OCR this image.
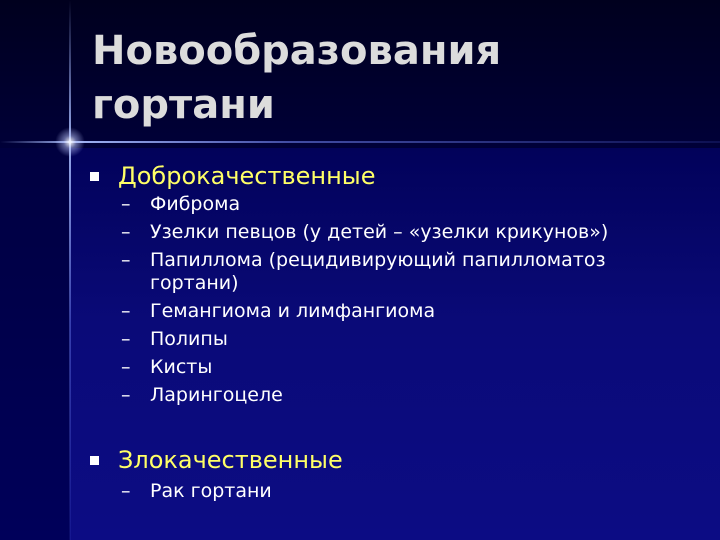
Новообразования
гортани
Доброкачественные
– Фиброма
– Узелки певцов (у детей – «узелки крикунов»)
– Папиллома (рецидивирующий папилломатоз
гортани)
– Гемангиома и лимфангиома
– Полипы
– Кисты
– Ларингоцеле
Злокачественные
– Рак гортани
